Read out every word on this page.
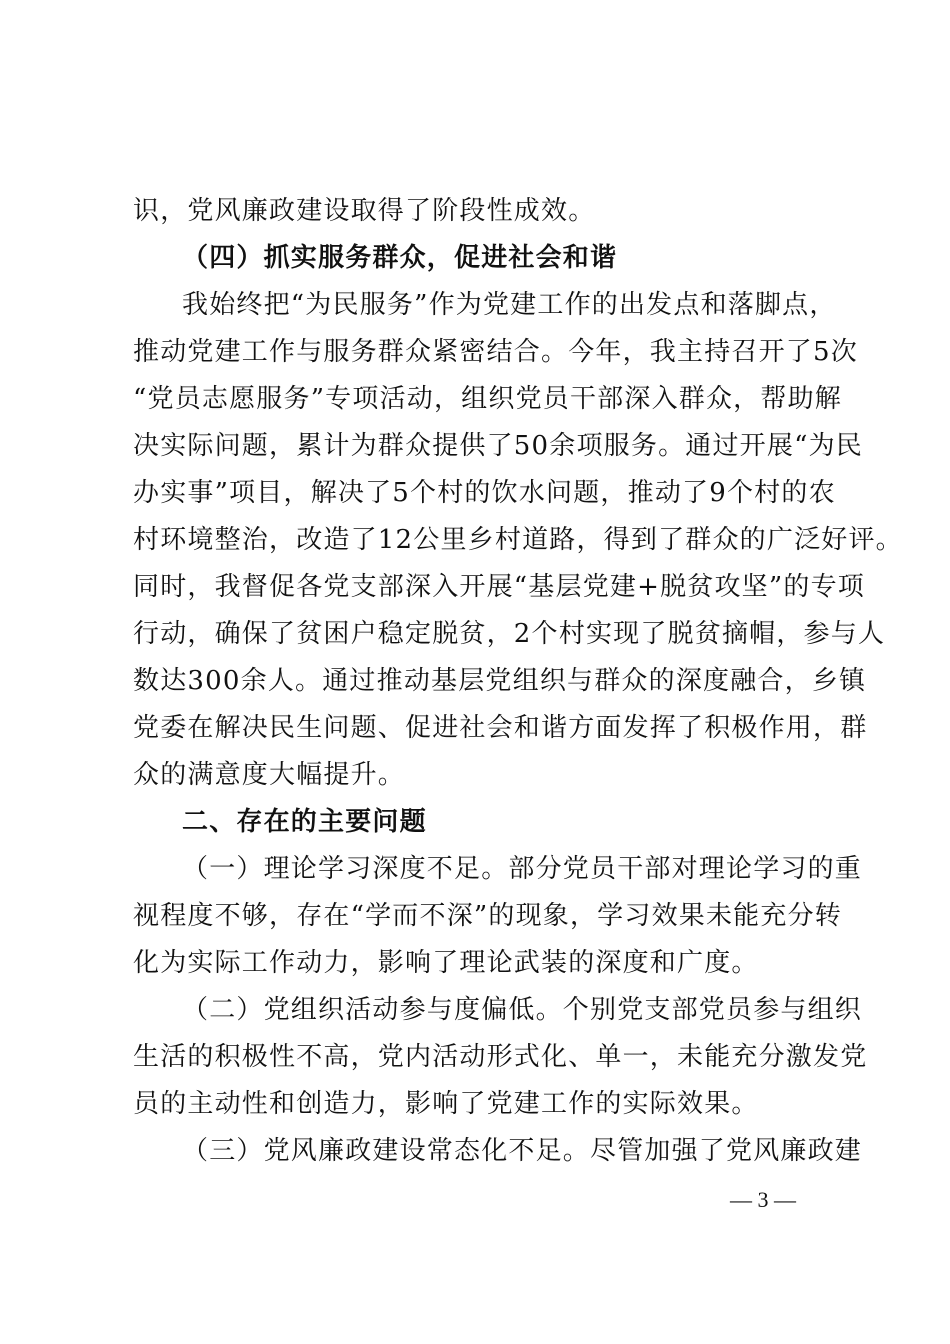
识，党风廉政建设取得了阶段性成效。
（四）抓实服务群众，促进社会和谐
我始终把“为民服务”作为党建工作的出发点和落脚点，
推动党建工作与服务群众紧密结合。今年，我主持召开了5次
“党员志愿服务”专项活动，组织党员干部深入群众，帮助解
决实际问题，累计为群众提供了50余项服务。通过开展“为民
办实事”项目，解决了5个村的饮水问题，推动了9个村的农
村环境整治，改造了12公里乡村道路，得到了群众的广泛好评。
同时，我督促各党支部深入开展“基层党建+脱贫攻坚”的专项
行动，确保了贫困户稳定脱贫，2个村实现了脱贫摘帽，参与人
数达300余人。通过推动基层党组织与群众的深度融合，乡镇
党委在解决民生问题、促进社会和谐方面发挥了积极作用，群
众的满意度大幅提升。
二、存在的主要问题
（一）理论学习深度不足。部分党员干部对理论学习的重
视程度不够，存在“学而不深”的现象，学习效果未能充分转
化为实际工作动力，影响了理论武装的深度和广度。
（二）党组织活动参与度偏低。个别党支部党员参与组织
生活的积极性不高，党内活动形式化、单一，未能充分激发党
员的主动性和创造力，影响了党建工作的实际效果。
（三）党风廉政建设常态化不足。尽管加强了党风廉政建
— 3 —
